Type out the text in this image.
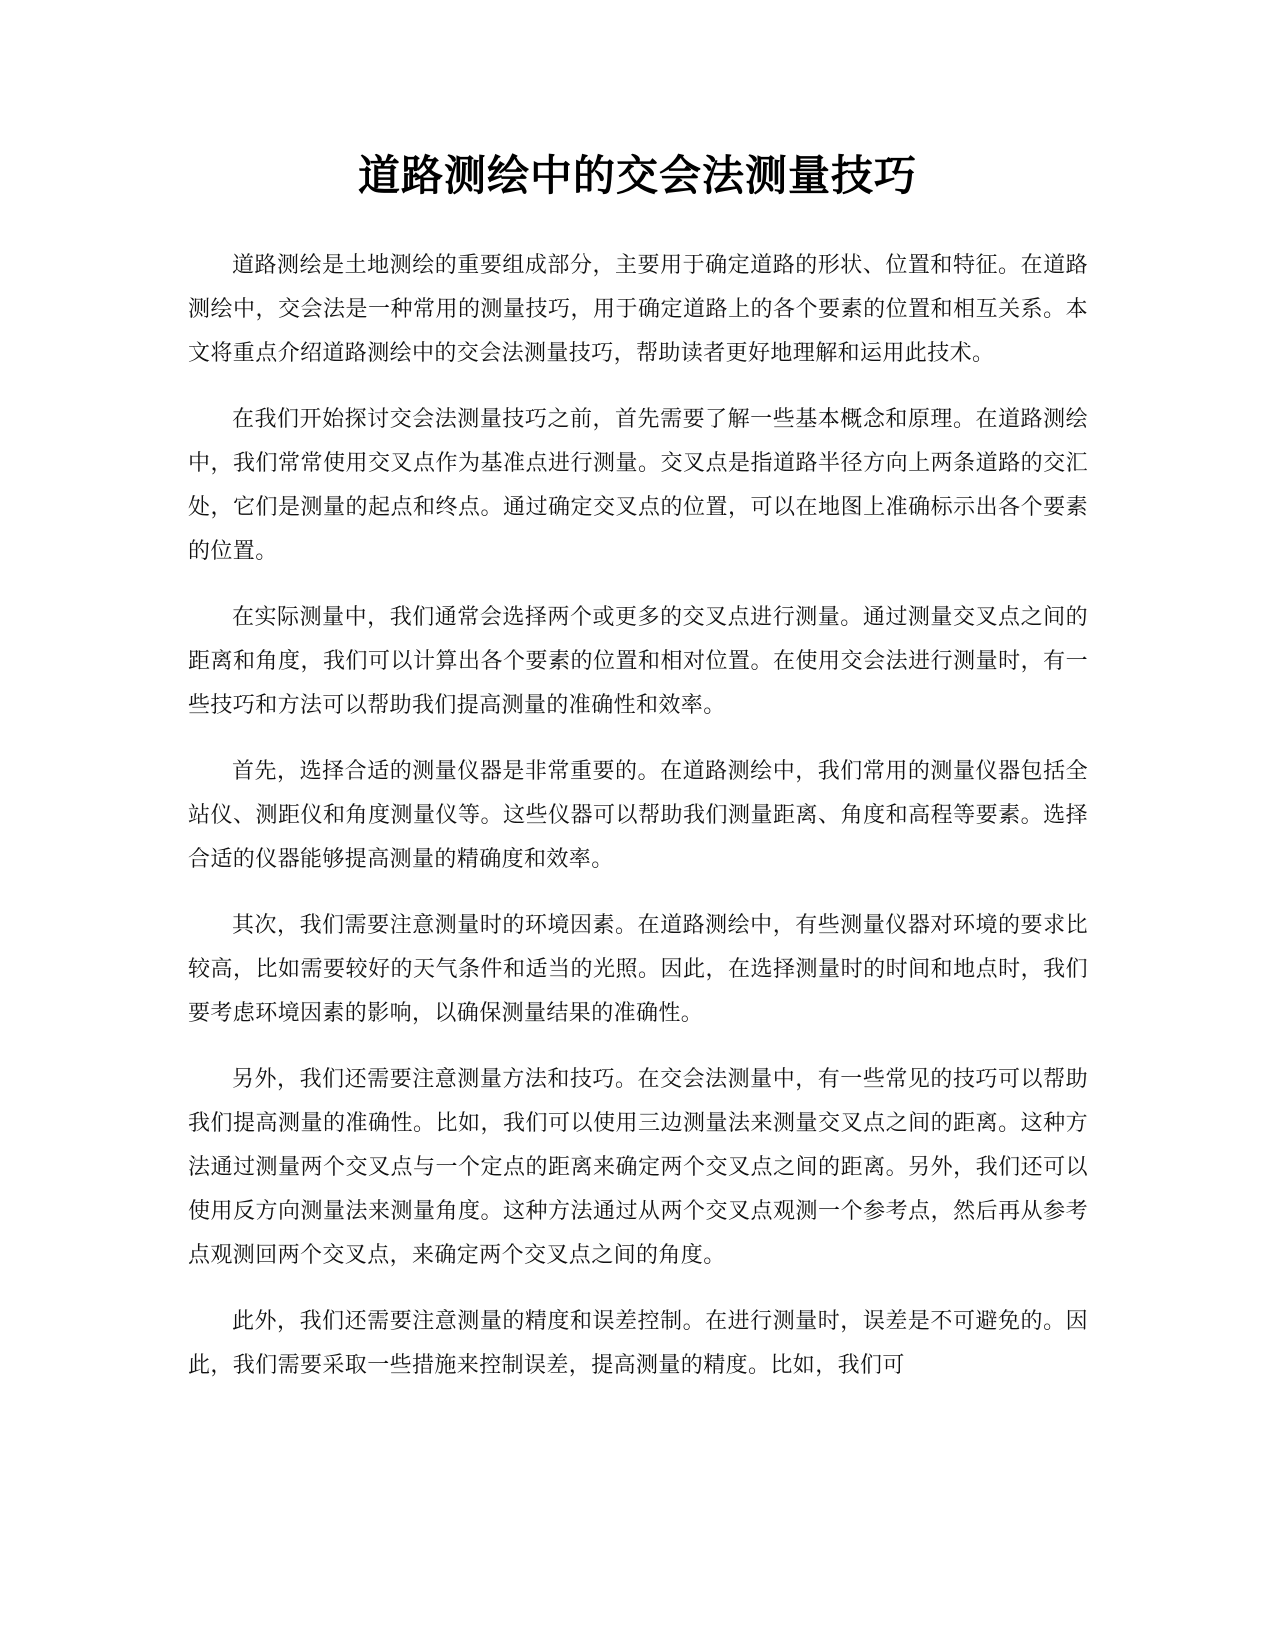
道路测绘中的交会法测量技巧

道路测绘是土地测绘的重要组成部分，主要用于确定道路的形状、位置和特征。在道路测绘中，交会法是一种常用的测量技巧，用于确定道路上的各个要素的位置和相互关系。本文将重点介绍道路测绘中的交会法测量技巧，帮助读者更好地理解和运用此技术。

在我们开始探讨交会法测量技巧之前，首先需要了解一些基本概念和原理。在道路测绘中，我们常常使用交叉点作为基准点进行测量。交叉点是指道路半径方向上两条道路的交汇处，它们是测量的起点和终点。通过确定交叉点的位置，可以在地图上准确标示出各个要素的位置。

在实际测量中，我们通常会选择两个或更多的交叉点进行测量。通过测量交叉点之间的距离和角度，我们可以计算出各个要素的位置和相对位置。在使用交会法进行测量时，有一些技巧和方法可以帮助我们提高测量的准确性和效率。

首先，选择合适的测量仪器是非常重要的。在道路测绘中，我们常用的测量仪器包括全站仪、测距仪和角度测量仪等。这些仪器可以帮助我们测量距离、角度和高程等要素。选择合适的仪器能够提高测量的精确度和效率。

其次，我们需要注意测量时的环境因素。在道路测绘中，有些测量仪器对环境的要求比较高，比如需要较好的天气条件和适当的光照。因此，在选择测量时的时间和地点时，我们要考虑环境因素的影响，以确保测量结果的准确性。

另外，我们还需要注意测量方法和技巧。在交会法测量中，有一些常见的技巧可以帮助我们提高测量的准确性。比如，我们可以使用三边测量法来测量交叉点之间的距离。这种方法通过测量两个交叉点与一个定点的距离来确定两个交叉点之间的距离。另外，我们还可以使用反方向测量法来测量角度。这种方法通过从两个交叉点观测一个参考点，然后再从参考点观测回两个交叉点，来确定两个交叉点之间的角度。

此外，我们还需要注意测量的精度和误差控制。在进行测量时，误差是不可避免的。因此，我们需要采取一些措施来控制误差，提高测量的精度。比如，我们可
